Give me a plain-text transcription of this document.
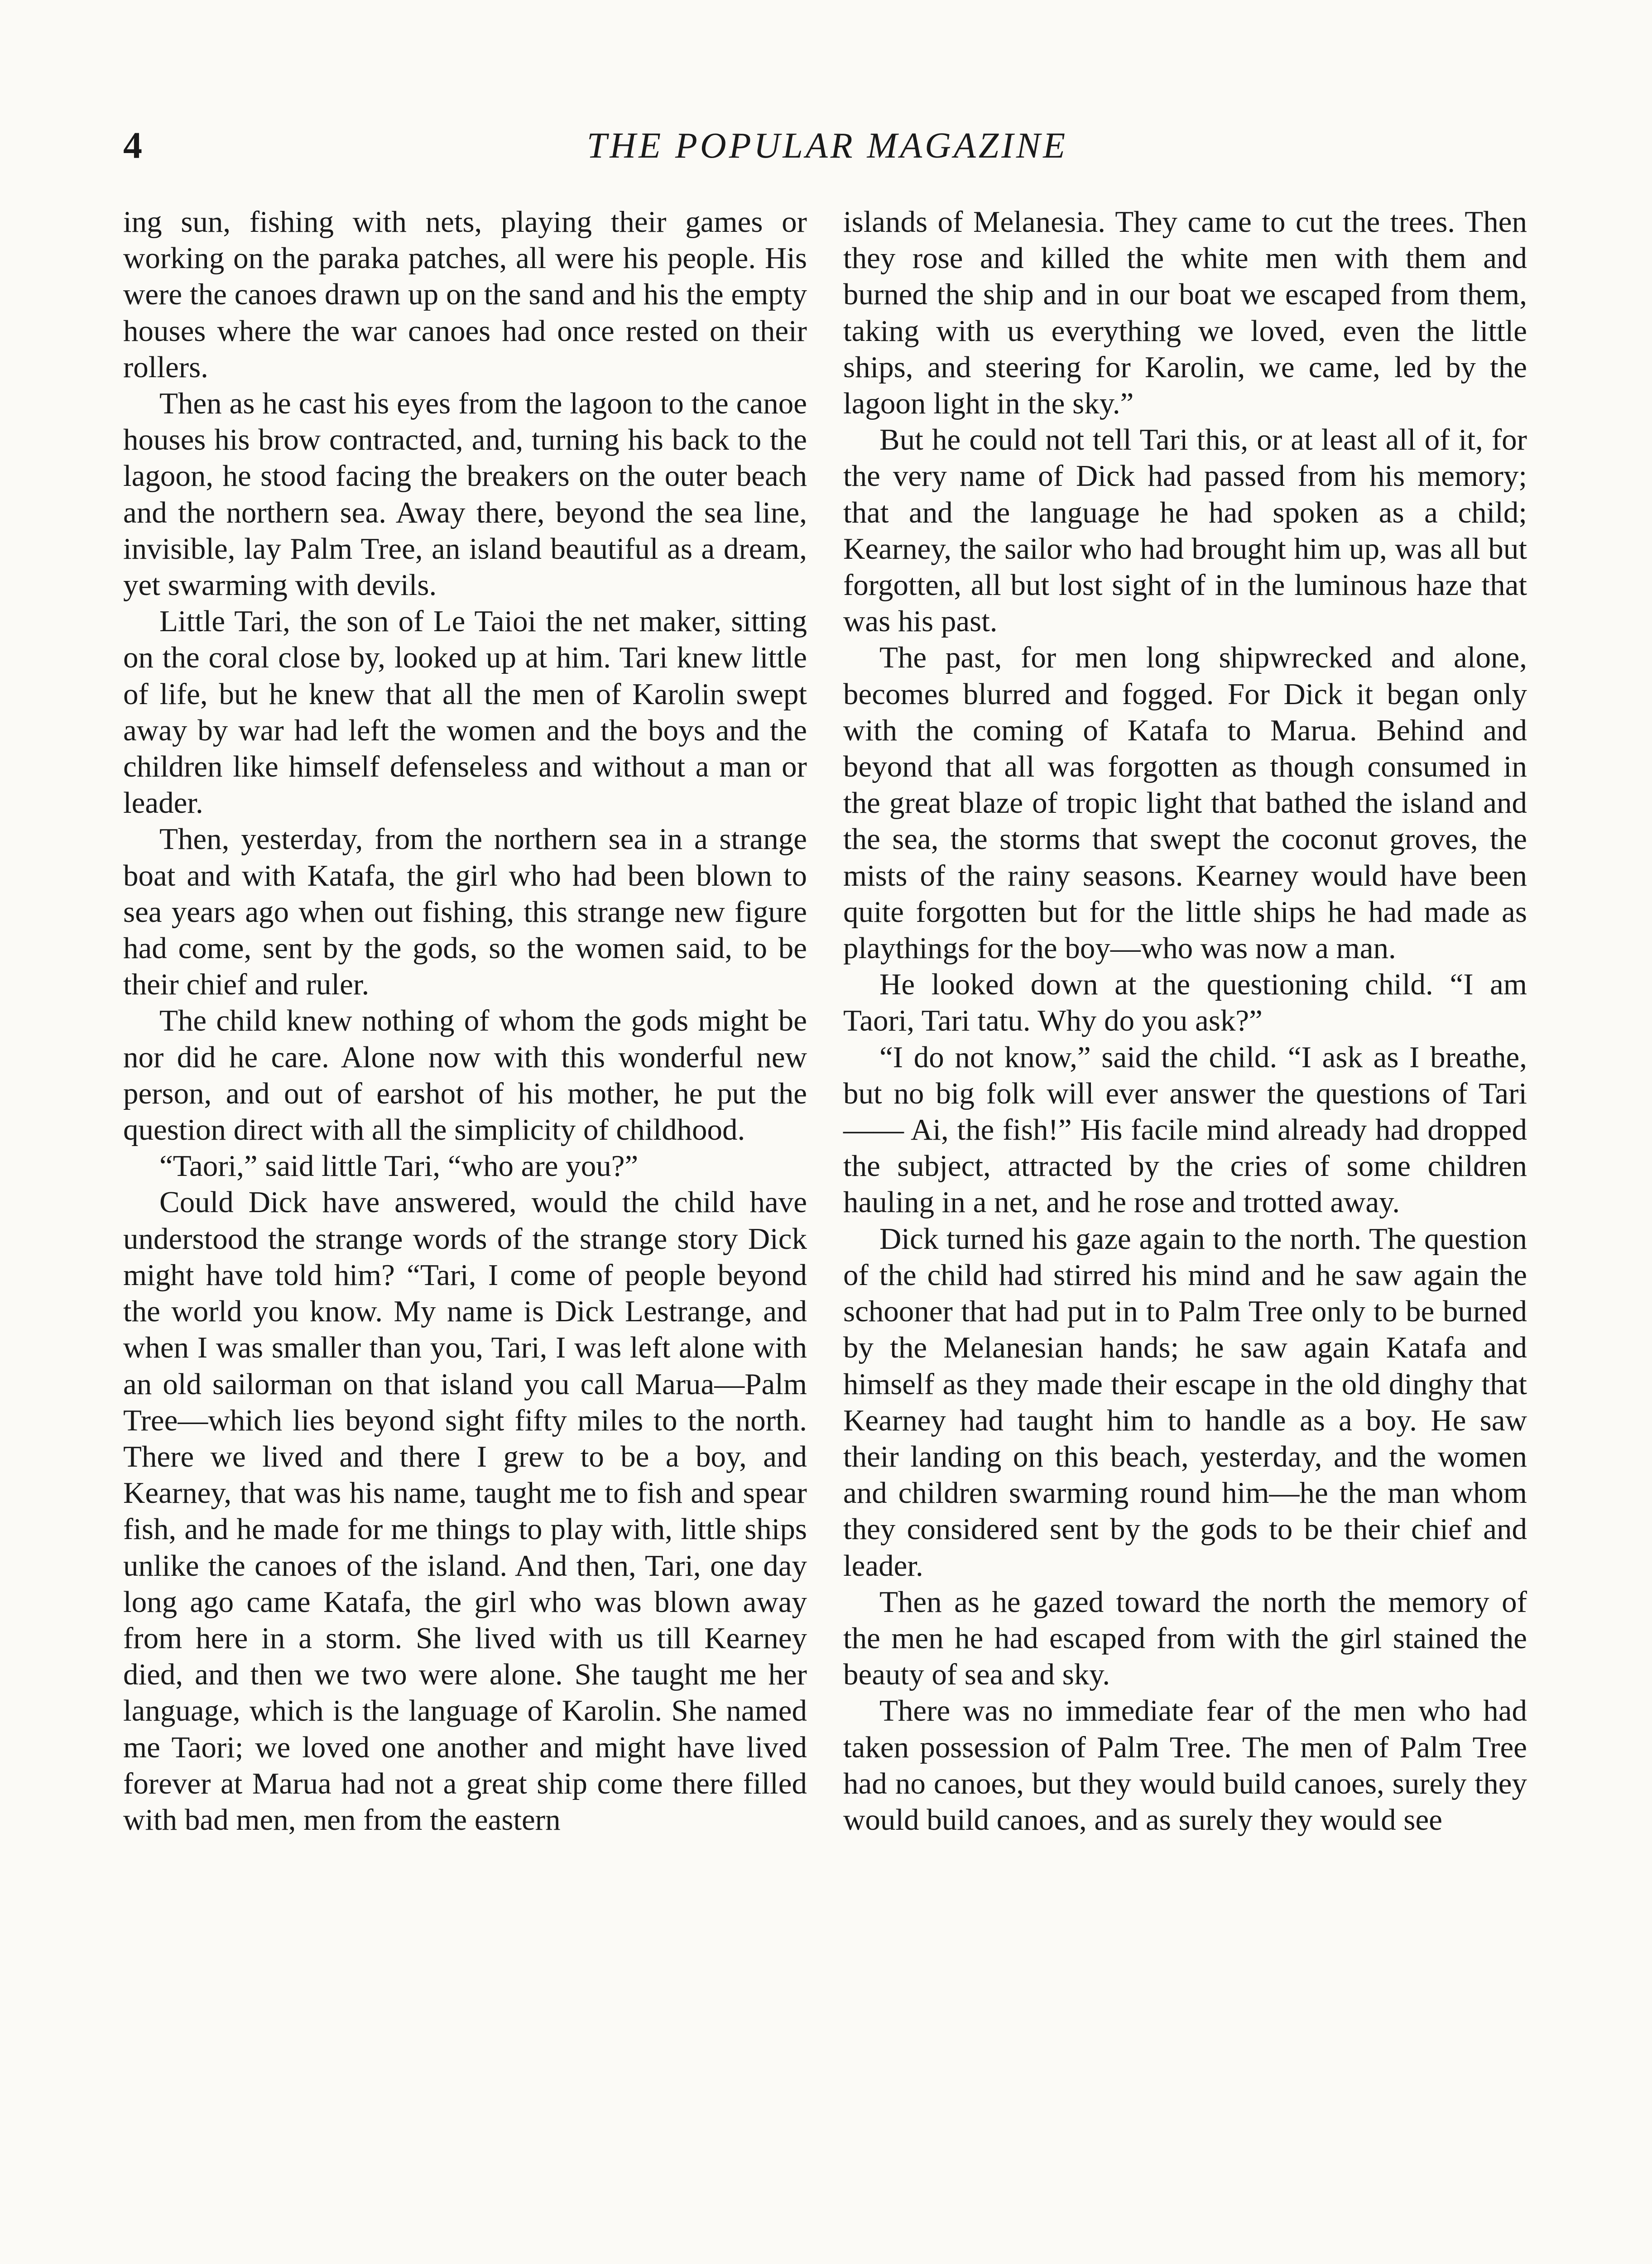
4	THE POPULAR MAGAZINE

ing sun, fishing with nets, playing their games or working on the paraka patches, all were his people. His were the canoes drawn up on the sand and his the empty houses where the war canoes had once rested on their rollers.

Then as he cast his eyes from the lagoon to the canoe houses his brow contracted, and, turning his back to the lagoon, he stood facing the breakers on the outer beach and the northern sea. Away there, beyond the sea line, invisible, lay Palm Tree, an island beautiful as a dream, yet swarming with devils.

Little Tari, the son of Le Taioi the net maker, sitting on the coral close by, looked up at him. Tari knew little of life, but he knew that all the men of Karolin swept away by war had left the women and the boys and the children like himself defenseless and without a man or leader.

Then, yesterday, from the northern sea in a strange boat and with Katafa, the girl who had been blown to sea years ago when out fishing, this strange new figure had come, sent by the gods, so the women said, to be their chief and ruler.

The child knew nothing of whom the gods might be nor did he care. Alone now with this wonderful new person, and out of earshot of his mother, he put the question direct with all the simplicity of childhood.

“Taori,” said little Tari, “who are you?”

Could Dick have answered, would the child have understood the strange words of the strange story Dick might have told him? “Tari, I come of people beyond the world you know. My name is Dick Lestrange, and when I was smaller than you, Tari, I was left alone with an old sailorman on that island you call Marua—Palm Tree—which lies beyond sight fifty miles to the north. There we lived and there I grew to be a boy, and Kearney, that was his name, taught me to fish and spear fish, and he made for me things to play with, little ships unlike the canoes of the island. And then, Tari, one day long ago came Katafa, the girl who was blown away from here in a storm. She lived with us till Kearney died, and then we two were alone. She taught me her language, which is the language of Karolin. She named me Taori; we loved one another and might have lived forever at Marua had not a great ship come there filled with bad men, men from the eastern

islands of Melanesia. They came to cut the trees. Then they rose and killed the white men with them and burned the ship and in our boat we escaped from them, taking with us everything we loved, even the little ships, and steering for Karolin, we came, led by the lagoon light in the sky.”

But he could not tell Tari this, or at least all of it, for the very name of Dick had passed from his memory; that and the language he had spoken as a child; Kearney, the sailor who had brought him up, was all but forgotten, all but lost sight of in the luminous haze that was his past.

The past, for men long shipwrecked and alone, becomes blurred and fogged. For Dick it began only with the coming of Katafa to Marua. Behind and beyond that all was forgotten as though consumed in the great blaze of tropic light that bathed the island and the sea, the storms that swept the coconut groves, the mists of the rainy seasons. Kearney would have been quite forgotten but for the little ships he had made as playthings for the boy—who was now a man.

He looked down at the questioning child. “I am Taori, Tari tatu. Why do you ask?”

“I do not know,” said the child. “I ask as I breathe, but no big folk will ever answer the questions of Tari—— Ai, the fish!” His facile mind already had dropped the subject, attracted by the cries of some children hauling in a net, and he rose and trotted away.

Dick turned his gaze again to the north. The question of the child had stirred his mind and he saw again the schooner that had put in to Palm Tree only to be burned by the Melanesian hands; he saw again Katafa and himself as they made their escape in the old dinghy that Kearney had taught him to handle as a boy. He saw their landing on this beach, yesterday, and the women and children swarming round him—he the man whom they considered sent by the gods to be their chief and leader.

Then as he gazed toward the north the memory of the men he had escaped from with the girl stained the beauty of sea and sky.

There was no immediate fear of the men who had taken possession of Palm Tree. The men of Palm Tree had no canoes, but they would build canoes, surely they would build canoes, and as surely they would see
